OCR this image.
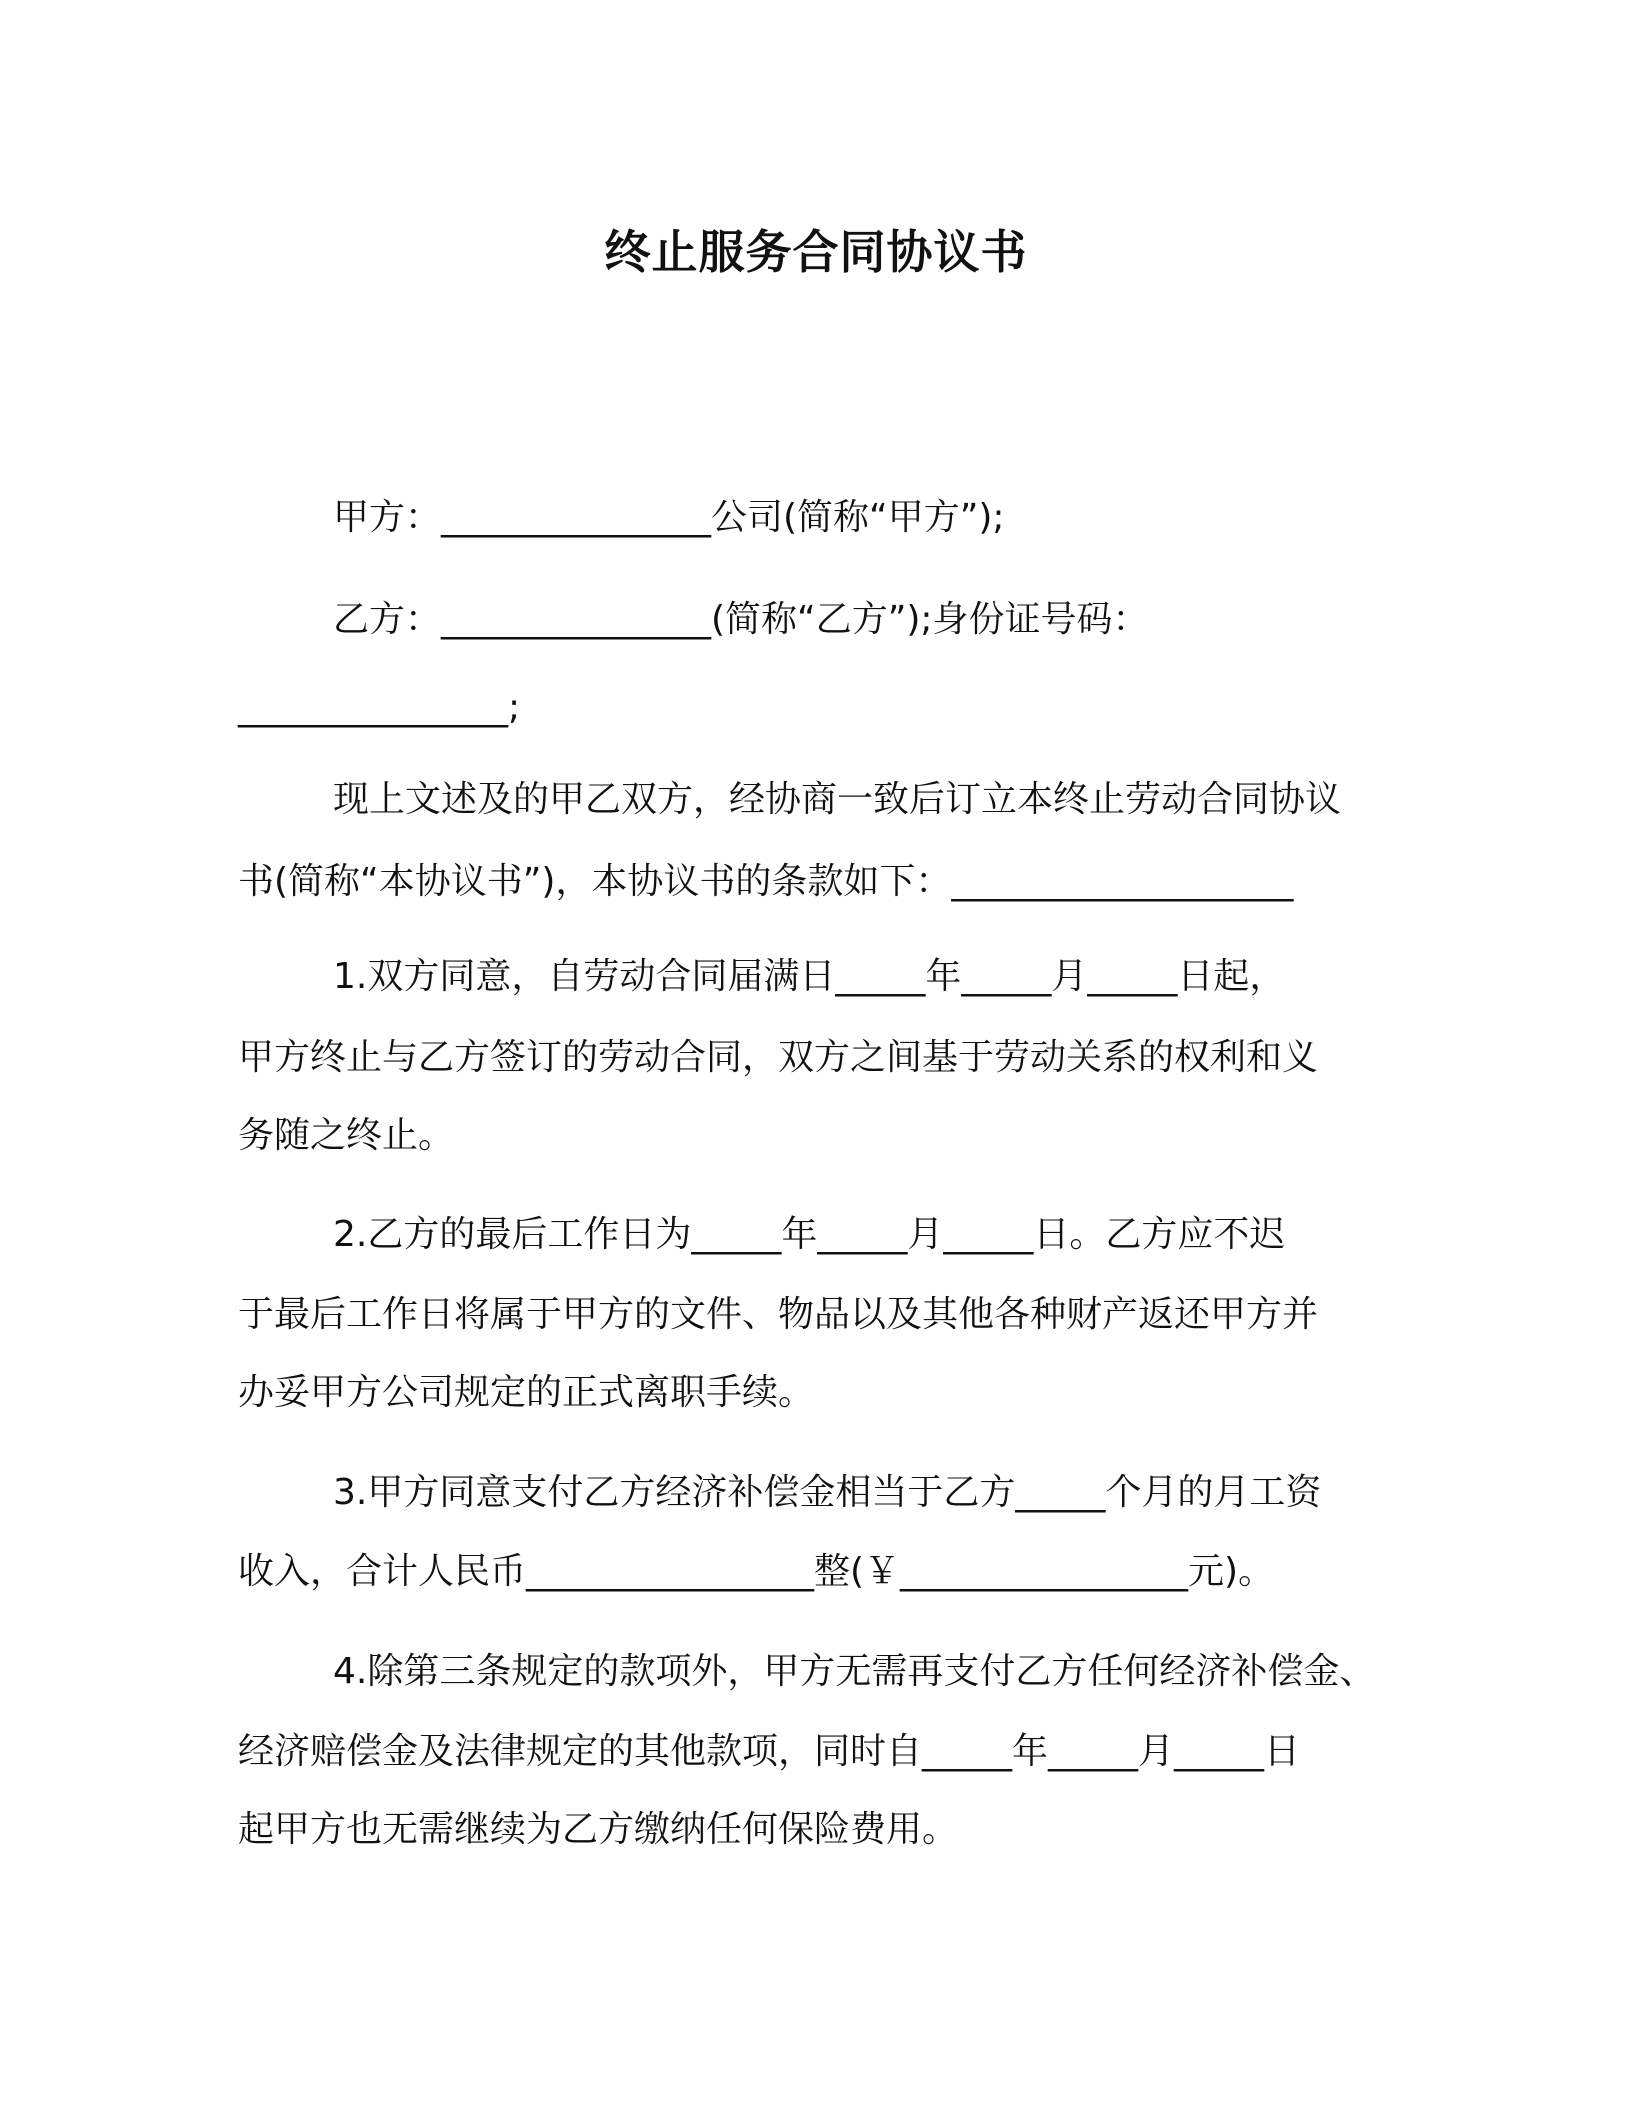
终止服务合同协议书
甲方：_______________公司(简称“甲方”);
乙方：_______________(简称“乙方”);身份证号码：
_______________;
现上文述及的甲乙双方，经协商一致后订立本终止劳动合同协议
书(简称“本协议书”)，本协议书的条款如下：___________________
1.双方同意，自劳动合同届满日_____年_____月_____日起，
甲方终止与乙方签订的劳动合同，双方之间基于劳动关系的权利和义
务随之终止。
2.乙方的最后工作日为_____年_____月_____日。乙方应不迟
于最后工作日将属于甲方的文件、物品以及其他各种财产返还甲方并
办妥甲方公司规定的正式离职手续。
3.甲方同意支付乙方经济补偿金相当于乙方_____个月的月工资
收入，合计人民币________________整(￥________________元)。
4.除第三条规定的款项外，甲方无需再支付乙方任何经济补偿金、
经济赔偿金及法律规定的其他款项，同时自_____年_____月_____日
起甲方也无需继续为乙方缴纳任何保险费用。
